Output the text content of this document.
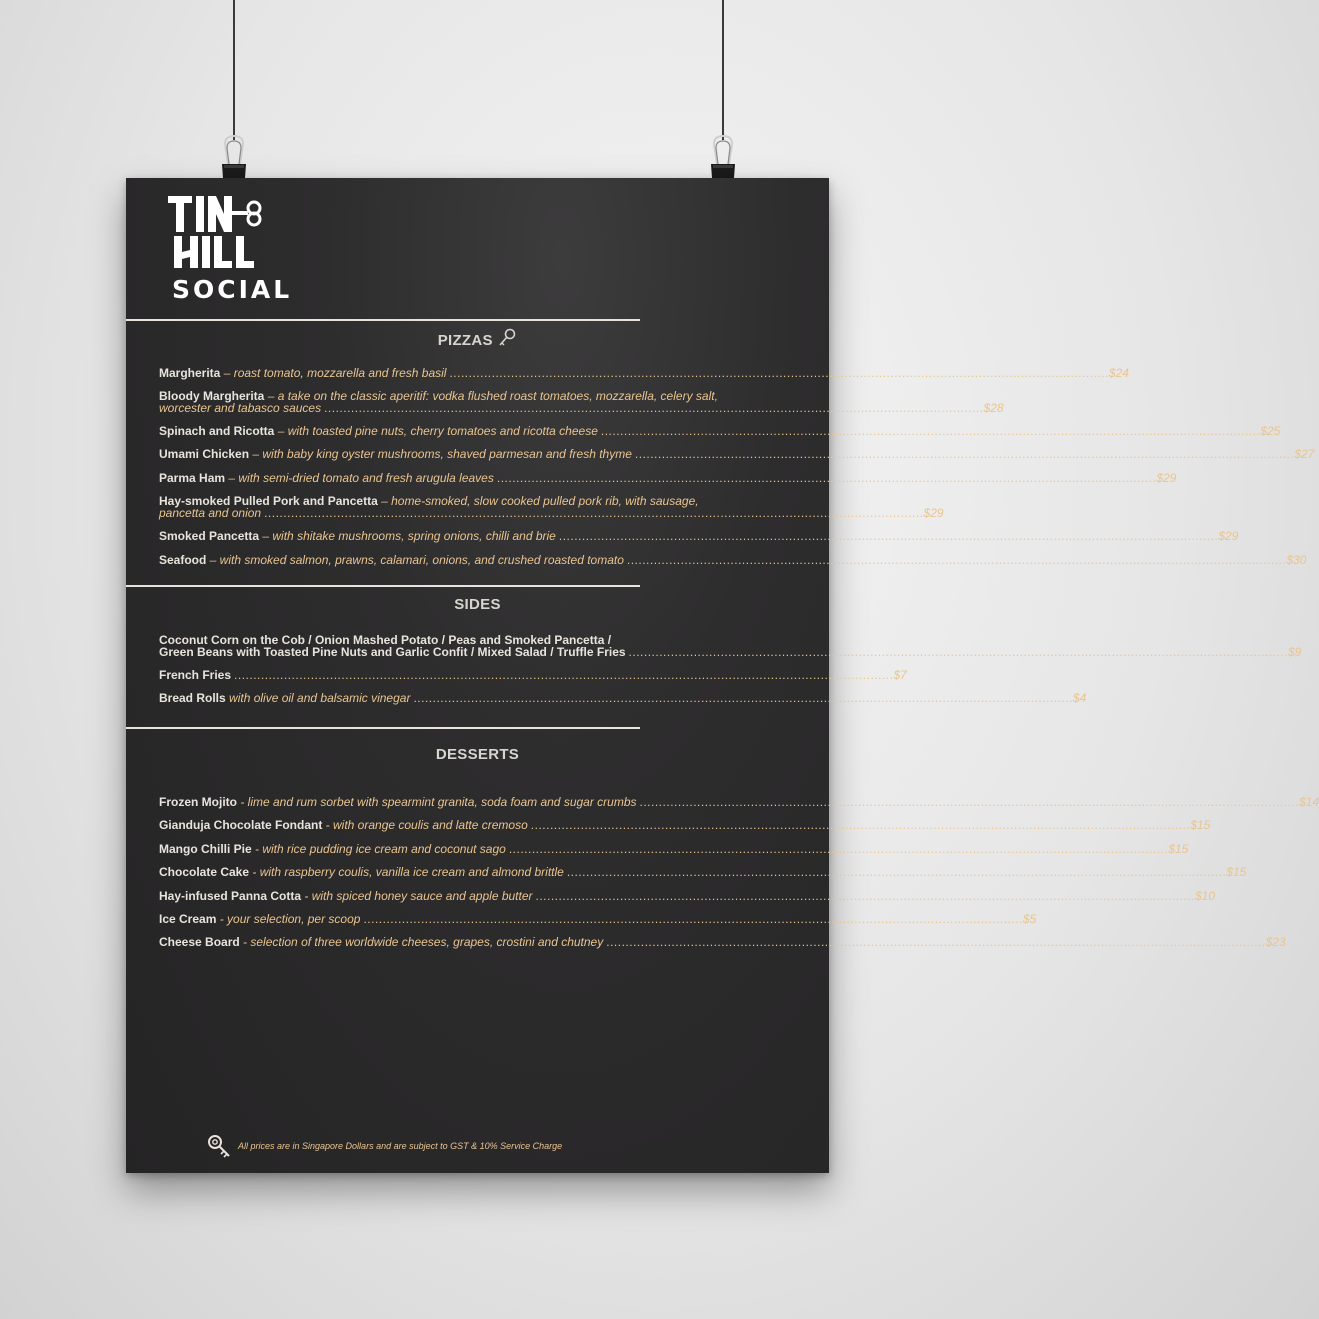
SOCIAL
PIZZAS
Margherita – roast tomato, mozzarella and fresh basil ............................................................................................................................................................................ $24
Bloody Margherita – a take on the classic aperitif: vodka flushed roast tomatoes, mozzarella, celery salt,
worcester and tabasco sauces ............................................................................................................................................................................ $28
Spinach and Ricotta – with toasted pine nuts, cherry tomatoes and ricotta cheese ............................................................................................................................................................................ $25
Umami Chicken – with baby king oyster mushrooms, shaved parmesan and fresh thyme ............................................................................................................................................................................ $27
Parma Ham – with semi-dried tomato and fresh arugula leaves ............................................................................................................................................................................ $29
Hay-smoked Pulled Pork and Pancetta – home-smoked, slow cooked pulled pork rib, with sausage,
pancetta and onion ............................................................................................................................................................................ $29
Smoked Pancetta – with shitake mushrooms, spring onions, chilli and brie ............................................................................................................................................................................ $29
Seafood – with smoked salmon, prawns, calamari, onions, and crushed roasted tomato ............................................................................................................................................................................ $30
SIDES
Coconut Corn on the Cob / Onion Mashed Potato / Peas and Smoked Pancetta /
Green Beans with Toasted Pine Nuts and Garlic Confit / Mixed Salad / Truffle Fries ............................................................................................................................................................................ $9
French Fries ............................................................................................................................................................................ $7
Bread Rolls with olive oil and balsamic vinegar ............................................................................................................................................................................ $4
DESSERTS
Frozen Mojito - lime and rum sorbet with spearmint granita, soda foam and sugar crumbs ............................................................................................................................................................................ $14
Gianduja Chocolate Fondant - with orange coulis and latte cremoso ............................................................................................................................................................................ $15
Mango Chilli Pie - with rice pudding ice cream and coconut sago ............................................................................................................................................................................ $15
Chocolate Cake - with raspberry coulis, vanilla ice cream and almond brittle ............................................................................................................................................................................ $15
Hay-infused Panna Cotta - with spiced honey sauce and apple butter ............................................................................................................................................................................ $10
Ice Cream - your selection, per scoop ............................................................................................................................................................................ $5
Cheese Board - selection of three worldwide cheeses, grapes, crostini and chutney ............................................................................................................................................................................ $23
All prices are in Singapore Dollars and are subject to GST & 10% Service Charge
